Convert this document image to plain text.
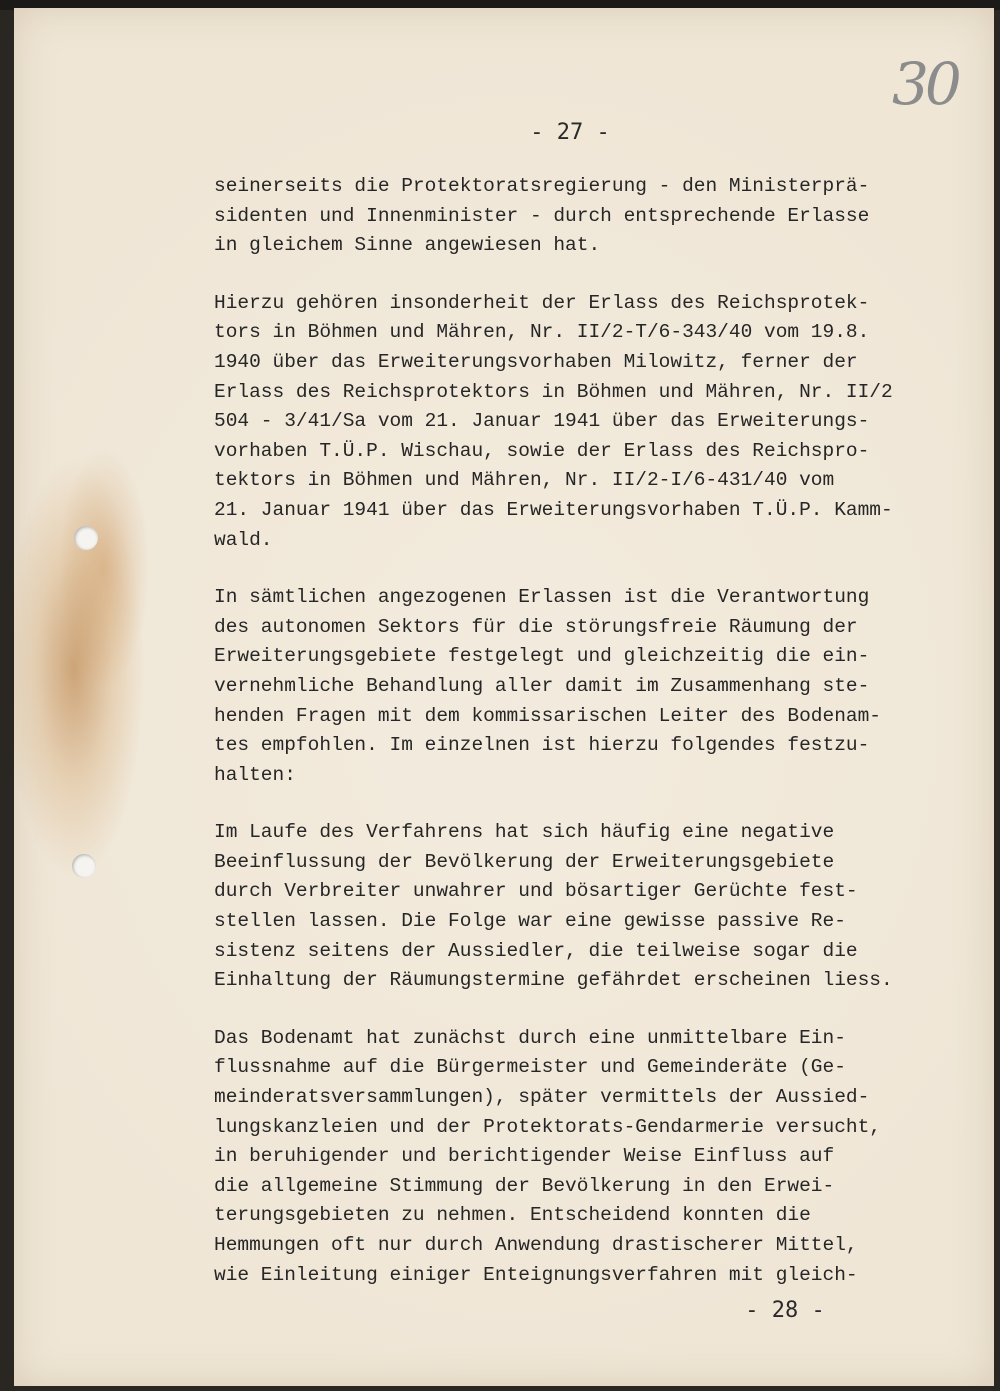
30
- 27 -
seinerseits die Protektoratsregierung - den Ministerprä-
sidenten und Innenminister - durch entsprechende Erlasse
in gleichem Sinne angewiesen hat.
Hierzu gehören insonderheit der Erlass des Reichsprotek-
tors in Böhmen und Mähren, Nr. II/2-T/6-343/40 vom 19.8.
1940 über das Erweiterungsvorhaben Milowitz, ferner der
Erlass des Reichsprotektors in Böhmen und Mähren, Nr. II/2
504 - 3/41/Sa vom 21. Januar 1941 über das Erweiterungs-
vorhaben T.Ü.P. Wischau, sowie der Erlass des Reichspro-
tektors in Böhmen und Mähren, Nr. II/2-I/6-431/40 vom
21. Januar 1941 über das Erweiterungsvorhaben T.Ü.P. Kamm-
wald.
In sämtlichen angezogenen Erlassen ist die Verantwortung
des autonomen Sektors für die störungsfreie Räumung der
Erweiterungsgebiete festgelegt und gleichzeitig die ein-
vernehmliche Behandlung aller damit im Zusammenhang ste-
henden Fragen mit dem kommissarischen Leiter des Bodenam-
tes empfohlen. Im einzelnen ist hierzu folgendes festzu-
halten:
Im Laufe des Verfahrens hat sich häufig eine negative
Beeinflussung der Bevölkerung der Erweiterungsgebiete
durch Verbreiter unwahrer und bösartiger Gerüchte fest-
stellen lassen. Die Folge war eine gewisse passive Re-
sistenz seitens der Aussiedler, die teilweise sogar die
Einhaltung der Räumungstermine gefährdet erscheinen liess.
Das Bodenamt hat zunächst durch eine unmittelbare Ein-
flussnahme auf die Bürgermeister und Gemeinderäte (Ge-
meinderatsversammlungen), später vermittels der Aussied-
lungskanzleien und der Protektorats-Gendarmerie versucht,
in beruhigender und berichtigender Weise Einfluss auf
die allgemeine Stimmung der Bevölkerung in den Erwei-
terungsgebieten zu nehmen. Entscheidend konnten die
Hemmungen oft nur durch Anwendung drastischerer Mittel,
wie Einleitung einiger Enteignungsverfahren mit gleich-
- 28 -
